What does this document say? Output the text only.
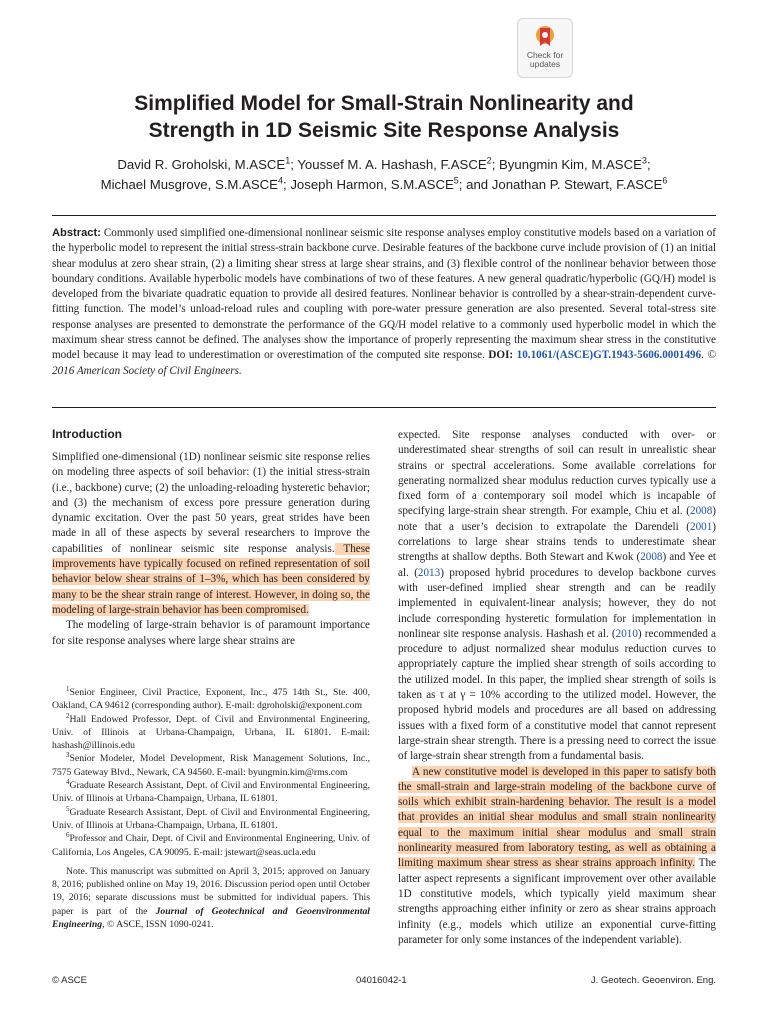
Check for
updates
Simplified Model for Small-Strain Nonlinearity and
Strength in 1D Seismic Site Response Analysis
David R. Groholski, M.ASCE$^1$; Youssef M. A. Hashash, F.ASCE$^2$; Byungmin Kim, M.ASCE$^3$;
Michael Musgrove, S.M.ASCE$^4$; Joseph Harmon, S.M.ASCE$^5$; and Jonathan P. Stewart, F.ASCE$^6$
Abstract: Commonly used simplified one-dimensional nonlinear seismic site response analyses employ constitutive models based on a variation of the hyperbolic model to represent the initial stress-strain backbone curve. Desirable features of the backbone curve include provision of (1) an initial shear modulus at zero shear strain, (2) a limiting shear stress at large shear strains, and (3) flexible control of the nonlinear behavior between those boundary conditions. Available hyperbolic models have combinations of two of these features. A new general quadratic/hyperbolic (GQ/H) model is developed from the bivariate quadratic equation to provide all desired features. Nonlinear behavior is controlled by a shear-strain-dependent curve-fitting function. The model’s unload-reload rules and coupling with pore-water pressure generation are also presented. Several total-stress site response analyses are presented to demonstrate the performance of the GQ/H model relative to a commonly used hyperbolic model in which the maximum shear stress cannot be defined. The analyses show the importance of properly representing the maximum shear stress in the constitutive model because it may lead to underestimation or overestimation of the computed site response. DOI: 10.1061/(ASCE)GT.1943-5606.0001496. © 2016 American Society of Civil Engineers.
Introduction

Simplified one-dimensional (1D) nonlinear seismic site response relies on modeling three aspects of soil behavior: (1) the initial stress-strain (i.e., backbone) curve; (2) the unloading-reloading hysteretic behavior; and (3) the mechanism of excess pore pressure generation during dynamic excitation. Over the past 50 years, great strides have been made in all of these aspects by several researchers to improve the capabilities of nonlinear seismic site response analysis. These improvements have typically focused on refined representation of soil behavior below shear strains of 1–3%, which has been considered by many to be the shear strain range of interest. However, in doing so, the modeling of large-strain behavior has been compromised.

The modeling of large-strain behavior is of paramount importance for site response analyses where large shear strains are

expected. Site response analyses conducted with over- or underestimated shear strengths of soil can result in unrealistic shear strains or spectral accelerations. Some available correlations for generating normalized shear modulus reduction curves typically use a fixed form of a contemporary soil model which is incapable of specifying large-strain shear strength. For example, Chiu et al. (2008) note that a user’s decision to extrapolate the Darendeli (2001) correlations to large shear strains tends to underestimate shear strengths at shallow depths. Both Stewart and Kwok (2008) and Yee et al. (2013) proposed hybrid procedures to develop backbone curves with user-defined implied shear strength and can be readily implemented in equivalent-linear analysis; however, they do not include corresponding hysteretic formulation for implementation in nonlinear site response analysis. Hashash et al. (2010) recommended a procedure to adjust normalized shear modulus reduction curves to appropriately capture the implied shear strength of soils according to the utilized model. In this paper, the implied shear strength of soils is taken as τ at γ = 10% according to the utilized model. However, the proposed hybrid models and procedures are all based on addressing issues with a fixed form of a constitutive model that cannot represent large-strain shear strength. There is a pressing need to correct the issue of large-strain shear strength from a fundamental basis.

A new constitutive model is developed in this paper to satisfy both the small-strain and large-strain modeling of the backbone curve of soils which exhibit strain-hardening behavior. The result is a model that provides an initial shear modulus and small strain nonlinearity equal to the maximum initial shear modulus and small strain nonlinearity measured from laboratory testing, as well as obtaining a limiting maximum shear stress as shear strains approach infinity. The latter aspect represents a significant improvement over other available 1D constitutive models, which typically yield maximum shear strengths approaching either infinity or zero as shear strains approach infinity (e.g., models which utilize an exponential curve-fitting parameter for only some instances of the independent variable).

$^1$Senior Engineer, Civil Practice, Exponent, Inc., 475 14th St., Ste. 400, Oakland, CA 94612 (corresponding author). E-mail: dgroholski@exponent.com

$^2$Hall Endowed Professor, Dept. of Civil and Environmental Engineering, Univ. of Illinois at Urbana-Champaign, Urbana, IL 61801. E-mail: hashash@illinois.edu

$^3$Senior Modeler, Model Development, Risk Management Solutions, Inc., 7575 Gateway Blvd., Newark, CA 94560. E-mail: byungmin.kim@rms.com

$^4$Graduate Research Assistant, Dept. of Civil and Environmental Engineering, Univ. of Illinois at Urbana-Champaign, Urbana, IL 61801.

$^5$Graduate Research Assistant, Dept. of Civil and Environmental Engineering, Univ. of Illinois at Urbana-Champaign, Urbana, IL 61801.

$^6$Professor and Chair, Dept. of Civil and Environmental Engineering, Univ. of California, Los Angeles, CA 90095. E-mail: jstewart@seas.ucla.edu

Note. This manuscript was submitted on April 3, 2015; approved on January 8, 2016; published online on May 19, 2016. Discussion period open until October 19, 2016; separate discussions must be submitted for individual papers. This paper is part of the Journal of Geotechnical and Geoenvironmental Engineering, © ASCE, ISSN 1090-0241.

© ASCE	04016042-1	J. Geotech. Geoenviron. Eng.
